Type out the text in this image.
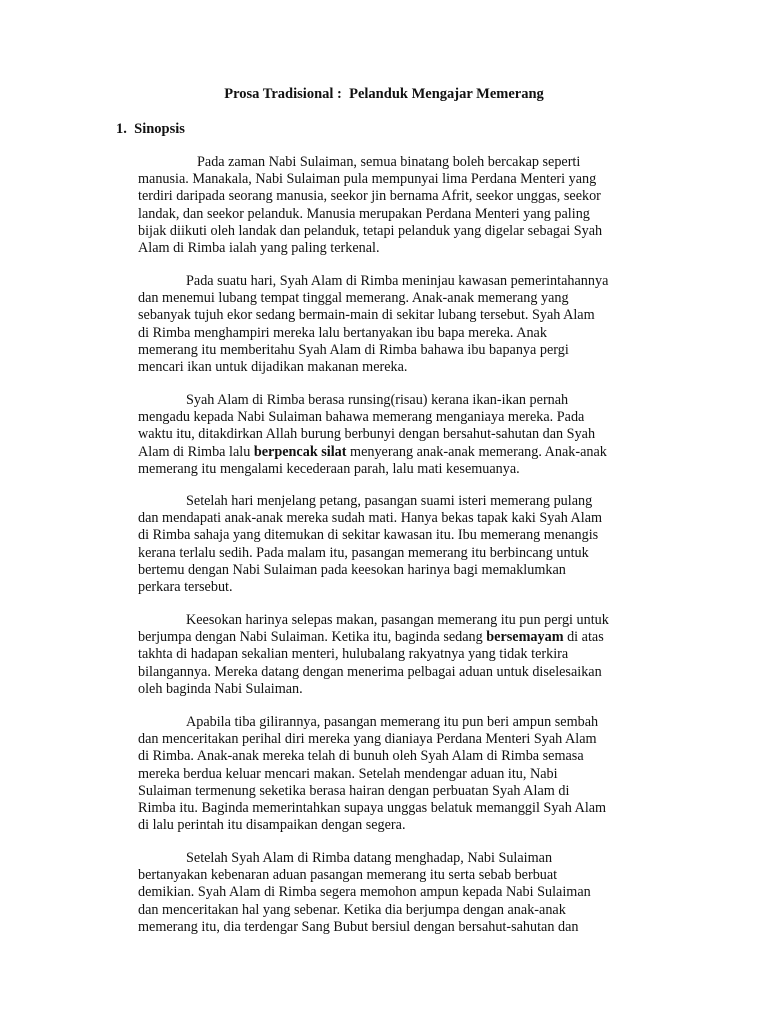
Prosa Tradisional :  Pelanduk Mengajar Memerang
1.  Sinopsis

Pada zaman Nabi Sulaiman, semua binatang boleh bercakap seperti
manusia. Manakala, Nabi Sulaiman pula mempunyai lima Perdana Menteri yang
terdiri daripada seorang manusia, seekor jin bernama Afrit, seekor unggas, seekor
landak, dan seekor pelanduk. Manusia merupakan Perdana Menteri yang paling
bijak diikuti oleh landak dan pelanduk, tetapi pelanduk yang digelar sebagai Syah
Alam di Rimba ialah yang paling terkenal.

Pada suatu hari, Syah Alam di Rimba meninjau kawasan pemerintahannya
dan menemui lubang tempat tinggal memerang. Anak-anak memerang yang
sebanyak tujuh ekor sedang bermain-main di sekitar lubang tersebut. Syah Alam
di Rimba menghampiri mereka lalu bertanyakan ibu bapa mereka. Anak
memerang itu memberitahu Syah Alam di Rimba bahawa ibu bapanya pergi
mencari ikan untuk dijadikan makanan mereka.

Syah Alam di Rimba berasa runsing(risau) kerana ikan-ikan pernah
mengadu kepada Nabi Sulaiman bahawa memerang menganiaya mereka. Pada
waktu itu, ditakdirkan Allah burung berbunyi dengan bersahut-sahutan dan Syah
Alam di Rimba lalu berpencak silat menyerang anak-anak memerang. Anak-anak
memerang itu mengalami kecederaan parah, lalu mati kesemuanya.

Setelah hari menjelang petang, pasangan suami isteri memerang pulang
dan mendapati anak-anak mereka sudah mati. Hanya bekas tapak kaki Syah Alam
di Rimba sahaja yang ditemukan di sekitar kawasan itu. Ibu memerang menangis
kerana terlalu sedih. Pada malam itu, pasangan memerang itu berbincang untuk
bertemu dengan Nabi Sulaiman pada keesokan harinya bagi memaklumkan
perkara tersebut.

Keesokan harinya selepas makan, pasangan memerang itu pun pergi untuk
berjumpa dengan Nabi Sulaiman. Ketika itu, baginda sedang bersemayam di atas
takhta di hadapan sekalian menteri, hulubalang rakyatnya yang tidak terkira
bilangannya. Mereka datang dengan menerima pelbagai aduan untuk diselesaikan
oleh baginda Nabi Sulaiman.

Apabila tiba gilirannya, pasangan memerang itu pun beri ampun sembah
dan menceritakan perihal diri mereka yang dianiaya Perdana Menteri Syah Alam
di Rimba. Anak-anak mereka telah di bunuh oleh Syah Alam di Rimba semasa
mereka berdua keluar mencari makan. Setelah mendengar aduan itu, Nabi
Sulaiman termenung seketika berasa hairan dengan perbuatan Syah Alam di
Rimba itu. Baginda memerintahkan supaya unggas belatuk memanggil Syah Alam
di lalu perintah itu disampaikan dengan segera.

Setelah Syah Alam di Rimba datang menghadap, Nabi Sulaiman
bertanyakan kebenaran aduan pasangan memerang itu serta sebab berbuat
demikian. Syah Alam di Rimba segera memohon ampun kepada Nabi Sulaiman
dan menceritakan hal yang sebenar. Ketika dia berjumpa dengan anak-anak
memerang itu, dia terdengar Sang Bubut bersiul dengan bersahut-sahutan dan
